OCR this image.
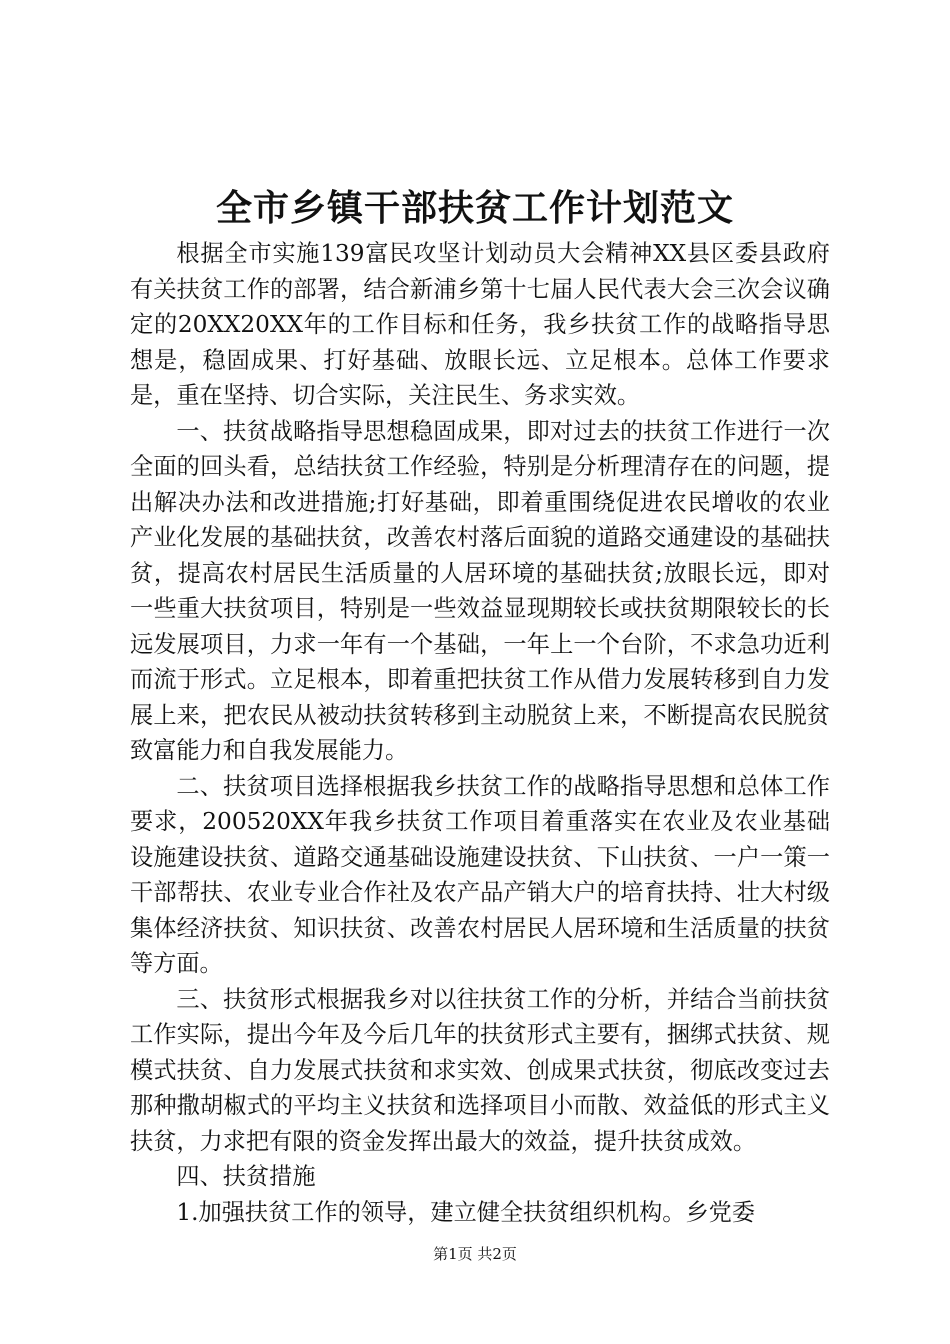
全市乡镇干部扶贫工作计划范文

根据全市实施139富民攻坚计划动员大会精神XX县区委县政府有关扶贫工作的部署，结合新浦乡第十七届人民代表大会三次会议确定的20XX20XX年的工作目标和任务，我乡扶贫工作的战略指导思想是，稳固成果、打好基础、放眼长远、立足根本。总体工作要求是，重在坚持、切合实际，关注民生、务求实效。

一、扶贫战略指导思想稳固成果，即对过去的扶贫工作进行一次全面的回头看，总结扶贫工作经验，特别是分析理清存在的问题，提出解决办法和改进措施;打好基础，即着重围绕促进农民增收的农业产业化发展的基础扶贫，改善农村落后面貌的道路交通建设的基础扶贫，提高农村居民生活质量的人居环境的基础扶贫;放眼长远，即对一些重大扶贫项目，特别是一些效益显现期较长或扶贫期限较长的长远发展项目，力求一年有一个基础，一年上一个台阶，不求急功近利而流于形式。立足根本，即着重把扶贫工作从借力发展转移到自力发展上来，把农民从被动扶贫转移到主动脱贫上来，不断提高农民脱贫致富能力和自我发展能力。

二、扶贫项目选择根据我乡扶贫工作的战略指导思想和总体工作要求，200520XX年我乡扶贫工作项目着重落实在农业及农业基础设施建设扶贫、道路交通基础设施建设扶贫、下山扶贫、一户一策一干部帮扶、农业专业合作社及农产品产销大户的培育扶持、壮大村级集体经济扶贫、知识扶贫、改善农村居民人居环境和生活质量的扶贫等方面。

三、扶贫形式根据我乡对以往扶贫工作的分析，并结合当前扶贫工作实际，提出今年及今后几年的扶贫形式主要有，捆绑式扶贫、规模式扶贫、自力发展式扶贫和求实效、创成果式扶贫，彻底改变过去那种撒胡椒式的平均主义扶贫和选择项目小而散、效益低的形式主义扶贫，力求把有限的资金发挥出最大的效益，提升扶贫成效。

四、扶贫措施

1.加强扶贫工作的领导，建立健全扶贫组织机构。乡党委

第1页 共2页
